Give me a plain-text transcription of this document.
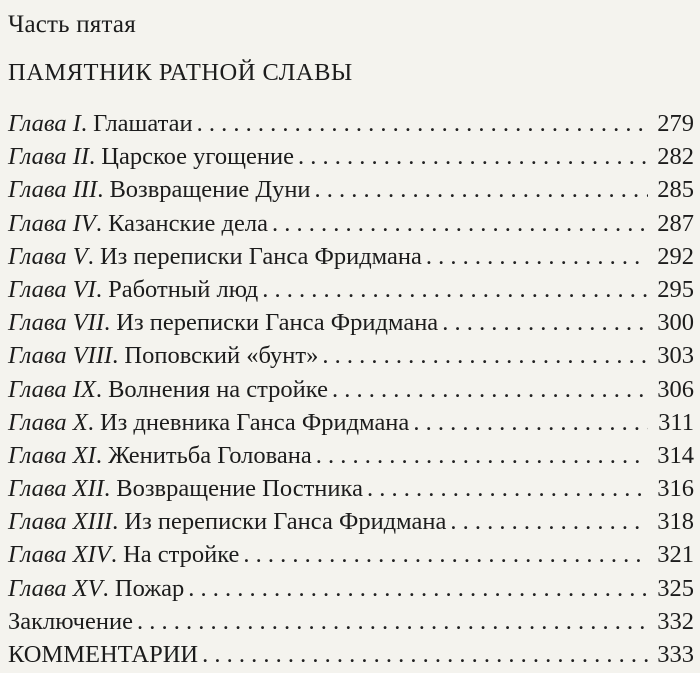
Часть пятая
ПАМЯТНИК РАТНОЙ СЛАВЫ
Глава I. Глашатаи . . .	279
Глава II. Царское угощение . . .	282
Глава III. Возвращение Дуни . . .	285
Глава IV. Казанские дела . . .	287
Глава V. Из переписки Ганса Фридмана . . .	292
Глава VI. Работный люд . . .	295
Глава VII. Из переписки Ганса Фридмана . . .	300
Глава VIII. Поповский «бунт» . . .	303
Глава IX. Волнения на стройке . . .	306
Глава X. Из дневника Ганса Фридмана . . .	311
Глава XI. Женитьба Голована . . .	314
Глава XII. Возвращение Постника . . .	316
Глава XIII. Из переписки Ганса Фридмана . . .	318
Глава XIV. На стройке . . .	321
Глава XV. Пожар . . .	325
Заключение . . .	332
КОММЕНТАРИИ . . .	333
